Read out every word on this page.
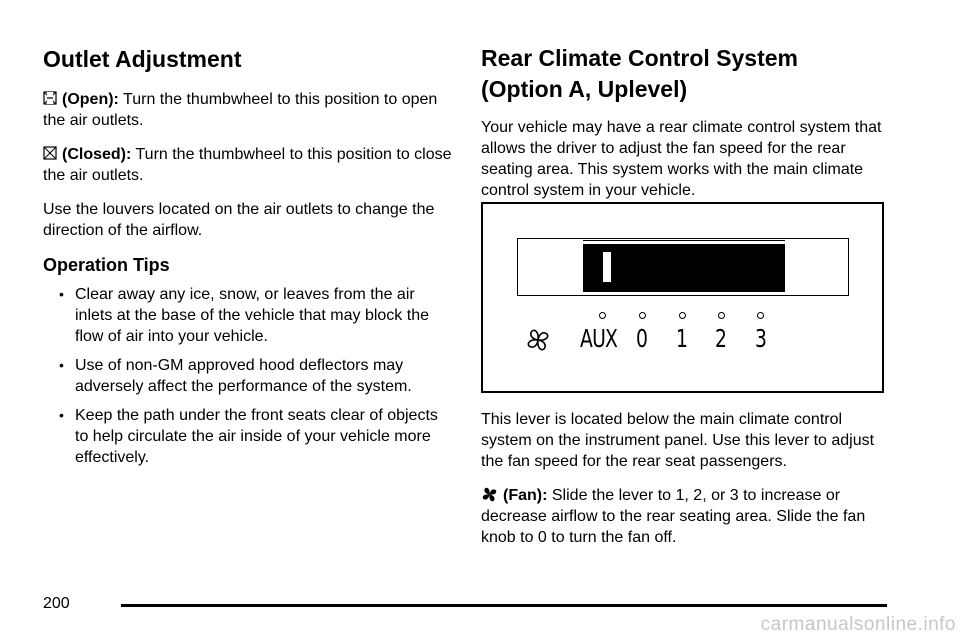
Outlet Adjustment

(Open): Turn the thumbwheel to this position to open the air outlets.

(Closed): Turn the thumbwheel to this position to close the air outlets.

Use the louvers located on the air outlets to change the direction of the airflow.

Operation Tips
• Clear away any ice, snow, or leaves from the air inlets at the base of the vehicle that may block the flow of air into your vehicle.
• Use of non-GM approved hood deflectors may adversely affect the performance of the system.
• Keep the path under the front seats clear of objects to help circulate the air inside of your vehicle more effectively.
Rear Climate Control System
(Option A, Uplevel)

Your vehicle may have a rear climate control system that allows the driver to adjust the fan speed for the rear seating area. This system works with the main climate control system in your vehicle.

AUX 0 1 2 3

This lever is located below the main climate control system on the instrument panel. Use this lever to adjust the fan speed for the rear seat passengers.

(Fan): Slide the lever to 1, 2, or 3 to increase or decrease airflow to the rear seating area. Slide the fan knob to 0 to turn the fan off.

200
carmanualsonline.info
